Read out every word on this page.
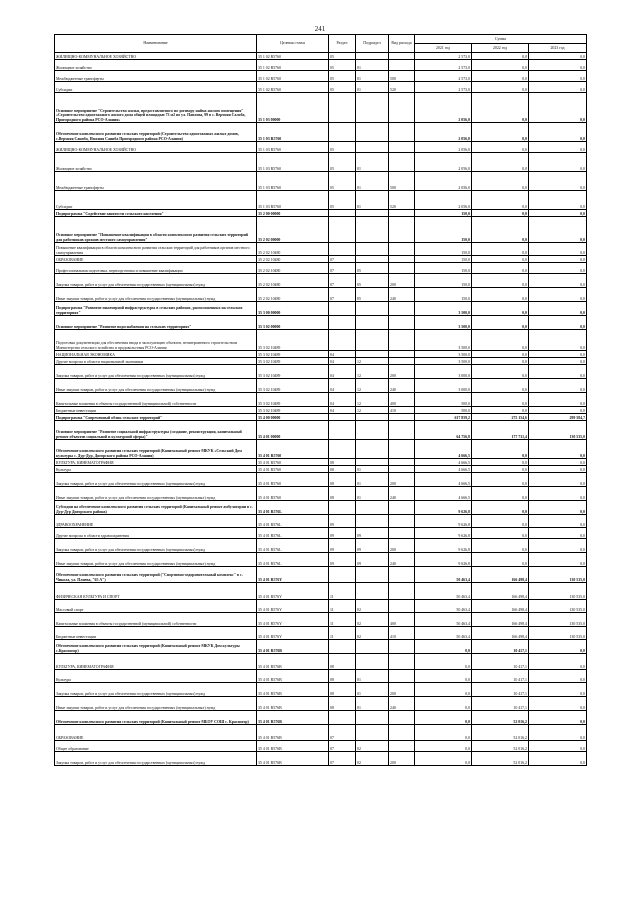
241
Наименование	Целевая статья	Раздел	Подраздел	Вид расхода	Сумма		
					2021 год	2022 год	2023 год
ЖИЛИЩНО-КОММУНАЛЬНОЕ ХОЗЯЙСТВО	35 1 02 R5760	05			2 573,0	0,0	0,0
Жилищное хозяйство	35 1 02 R5760	05	01		2 573,0	0,0	0,0
Межбюджетные трансферты	35 1 02 R5760	05	01	500	2 573,0	0,0	0,0
Субсидии	35 1 02 R5760	05	01	520	2 573,0	0,0	0,0
Основное мероприятие "Строительство жилья, предоставляемого по договору найма жилого помещения" «Строительство одноэтажного жилого дома общей площадью 73 м2 по ул. Павлова, 99 в с. Верхняя Салоба, Пригородного района РСО-Алания»	35 1 03 00000				2 056,0	0,0	0,0
Обеспечение комплексного развития сельских территорий (Строительство одноэтажных жилых домов, с.Верхняя Саниба, Нижняя Саниба Пригородного района РСО-Алания)	35 1 03 R5760				2 056,0	0,0	0,0
ЖИЛИЩНО-КОММУНАЛЬНОЕ ХОЗЯЙСТВО	35 1 03 R5760	05			2 056,0	0,0	0,0
Жилищное хозяйство	35 1 03 R5760	05	01		2 056,0	0,0	0,0
Межбюджетные трансферты	35 1 03 R5760	05	01	500	2 056,0	0,0	0,0
Субсидии	35 1 03 R5760	05	01	520	2 056,0	0,0	0,0
Подпрограмма "Содействие занятости сельского населения"	35 2 00 00000				150,0	0,0	0,0
Основное мероприятие "Повышение квалификации в области комплексного развития сельских территорий для работников органов местного самоуправления"	35 2 02 00000				150,0	0,0	0,0
Повышение квалификации в области комплексного развития сельских территорий для работников органов местного самоуправления	35 2 02 10480				150,0	0,0	0,0
ОБРАЗОВАНИЕ	35 2 02 10480	07			150,0	0,0	0,0
Профессиональная подготовка, переподготовка и повышение квалификации	35 2 02 10480	07	05		150,0	0,0	0,0
Закупка товаров, работ и услуг для обеспечения государственных (муниципальных) нужд	35 2 02 10480	07	05	200	150,0	0,0	0,0
Иные закупки товаров, работ и услуг для обеспечения государственных (муниципальных) нужд	35 2 02 10480	07	05	240	150,0	0,0	0,0
Подпрограмма "Развитие инженерной инфраструктуры в сельских районах, расположенных на сельских территориях"	35 3 00 00000				3 500,0	0,0	0,0
Основное мероприятие "Развитие водоснабжения на сельских территориях"	35 3 02 00000				3 500,0	0,0	0,0
Подготовка документации для обеспечения ввода в эксплуатацию объектов, незавершенного строительством Министерства сельского хозяйства и продовольствия РСО-Алания	35 3 02 10489				3 500,0	0,0	0,0
НАЦИОНАЛЬНАЯ ЭКОНОМИКА	35 3 02 10489	04			3 500,0	0,0	0,0
Другие вопросы в области национальной экономики	35 3 02 10489	04	12		3 500,0	0,0	0,0
Закупка товаров, работ и услуг для обеспечения государственных (муниципальных) нужд	35 3 02 10489	04	12	200	3 000,0	0,0	0,0
Иные закупки товаров, работ и услуг для обеспечения государственных (муниципальных) нужд	35 3 02 10489	04	12	240	3 000,0	0,0	0,0
Капитальные вложения в объекты государственной (муниципальной) собственности	35 3 02 10489	04	12	400	500,0	0,0	0,0
Бюджетные инвестиции	35 3 02 10489	04	12	410	500,0	0,0	0,0
Подпрограмма "Современный облик сельских территорий"	35 4 00 00000				617 859,2	275 154,6	299 584,7
Основное мероприятие "Развитие социальной инфраструктуры (создание, реконструкция, капитальный ремонт объектов социальной и культурной сферы)"	35 4 01 00000				64 756,8	177 731,4	130 535,0
Обеспечение комплексного развития сельских территорий (Капитальный ремонт МКУК «Сельский Дом культуры с. Дур-Дур, Дигорского района РСО-Алания)	35 4 01 R5760				4 666,5	0,0	0,0
КУЛЬТУРА, КИНЕМАТОГРАФИЯ	35 4 01 R5760	08			4 666,5	0,0	0,0
Культура	35 4 01 R5760	08	01		4 666,5	0,0	0,0
Закупка товаров, работ и услуг для обеспечения государственных (муниципальных) нужд	35 4 01 R5760	08	01	200	4 666,5	0,0	0,0
Иные закупки товаров, работ и услуг для обеспечения государственных (муниципальных) нужд	35 4 01 R5760	08	01	240	4 666,5	0,0	0,0
Субсидии на обеспечение комплексного развития сельских территорий (Капитальный ремонт амбулатории в с. Дур-Дур Дигорского района)	35 4 01 R576L				9 626,8	0,0	0,0
ЗДРАВООХРАНЕНИЕ	35 4 01 R576L	09			9 626,8	0,0	0,0
Другие вопросы в области здравоохранения	35 4 01 R576L	09	09		9 626,8	0,0	0,0
Закупка товаров, работ и услуг для обеспечения государственных (муниципальных) нужд	35 4 01 R576L	09	09	200	9 626,8	0,0	0,0
Иные закупки товаров, работ и услуг для обеспечения государственных (муниципальных) нужд	35 4 01 R576L	09	09	240	9 626,8	0,0	0,0
Обеспечение комплексного развития сельских территорий ("Спортивно-оздоровительный комплекс" в с. Чикола, ул. Плиева, "65 А")	35 4 01 R576Y				50 463,4	166 498,4	130 535,0
ФИЗИЧЕСКАЯ КУЛЬТУРА И СПОРТ	35 4 01 R576Y	11			50 463,4	166 498,4	130 535,0
Массовый спорт	35 4 01 R576Y	11	02		50 463,4	166 498,4	130 535,0
Капитальные вложения в объекты государственной (муниципальной) собственности	35 4 01 R576Y	11	02	400	50 463,4	166 498,4	130 535,0
Бюджетные инвестиции	35 4 01 R576Y	11	02	410	50 463,4	166 498,4	130 535,0
Обеспечение комплексного развития сельских территорий (Капитальный ремонт МКУК Дом культуры с.Красногор)	35 4 01 R576B				0,0	10 417,1	0,0
КУЛЬТУРА, КИНЕМАТОГРАФИЯ	35 4 01 R576B	08			0,0	10 417,1	0,0
Культура	35 4 01 R576B	08	01		0,0	10 417,1	0,0
Закупка товаров, работ и услуг для обеспечения государственных (муниципальных) нужд	35 4 01 R576B	08	01	200	0,0	10 417,1	0,0
Иные закупки товаров, работ и услуг для обеспечения государственных (муниципальных) нужд	35 4 01 R576B	08	01	240	0,0	10 417,1	0,0
Обеспечение комплексного развития сельских территорий (Капитальный ремонт МБОУ СОШ с. Красногор)	35 4 01 R576B				0,0	52 016,2	0,0
ОБРАЗОВАНИЕ	35 4 01 R576B	07			0,0	52 016,2	0,0
Общее образование	35 4 01 R576B	07	02		0,0	52 016,2	0,0
Закупка товаров, работ и услуг для обеспечения государственных (муниципальных) нужд	35 4 01 R576B	07	02	200	0,0	52 016,2	0,0
